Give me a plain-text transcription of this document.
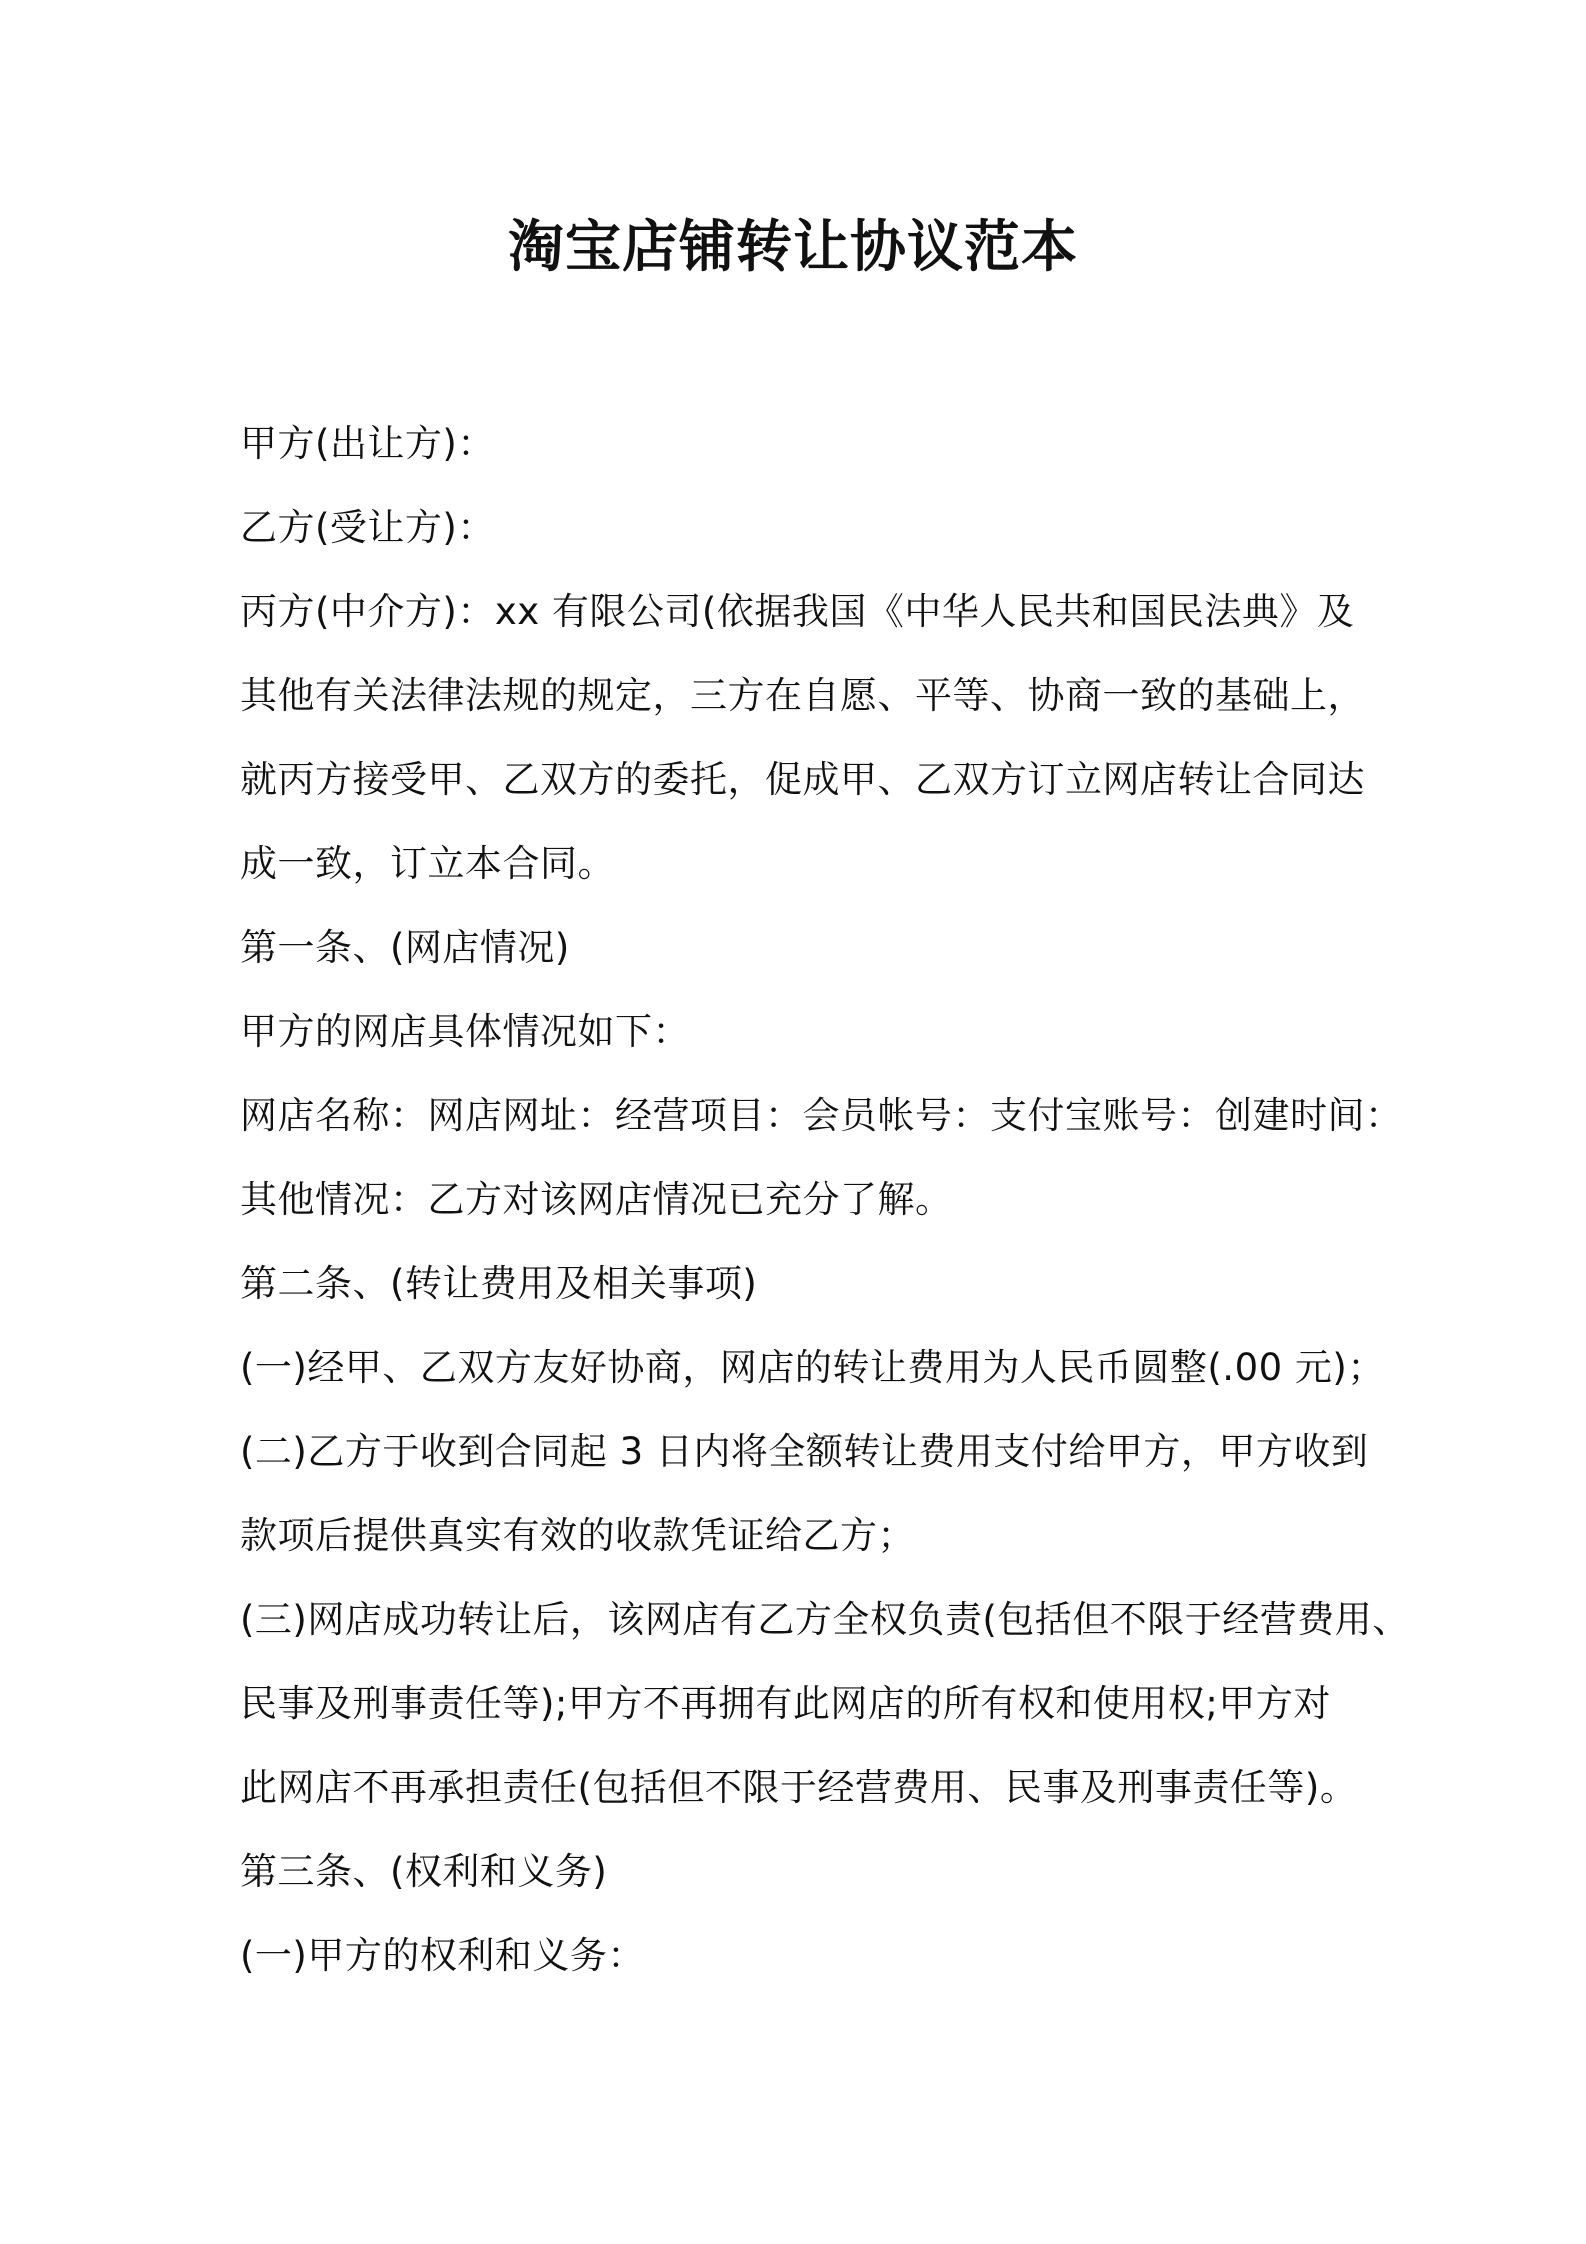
淘宝店铺转让协议范本
甲方(出让方)：
乙方(受让方)：
丙方(中介方)：xx 有限公司(依据我国《中华人民共和国民法典》及
其他有关法律法规的规定，三方在自愿、平等、协商一致的基础上，
就丙方接受甲、乙双方的委托，促成甲、乙双方订立网店转让合同达
成一致，订立本合同。
第一条、(网店情况)
甲方的网店具体情况如下：
网店名称：网店网址：经营项目：会员帐号：支付宝账号：创建时间：
其他情况：乙方对该网店情况已充分了解。
第二条、(转让费用及相关事项)
(一)经甲、乙双方友好协商，网店的转让费用为人民币圆整(.00 元)；
(二)乙方于收到合同起 3 日内将全额转让费用支付给甲方，甲方收到
款项后提供真实有效的收款凭证给乙方；
(三)网店成功转让后，该网店有乙方全权负责(包括但不限于经营费用、
民事及刑事责任等);甲方不再拥有此网店的所有权和使用权;甲方对
此网店不再承担责任(包括但不限于经营费用、民事及刑事责任等)。
第三条、(权利和义务)
(一)甲方的权利和义务：
